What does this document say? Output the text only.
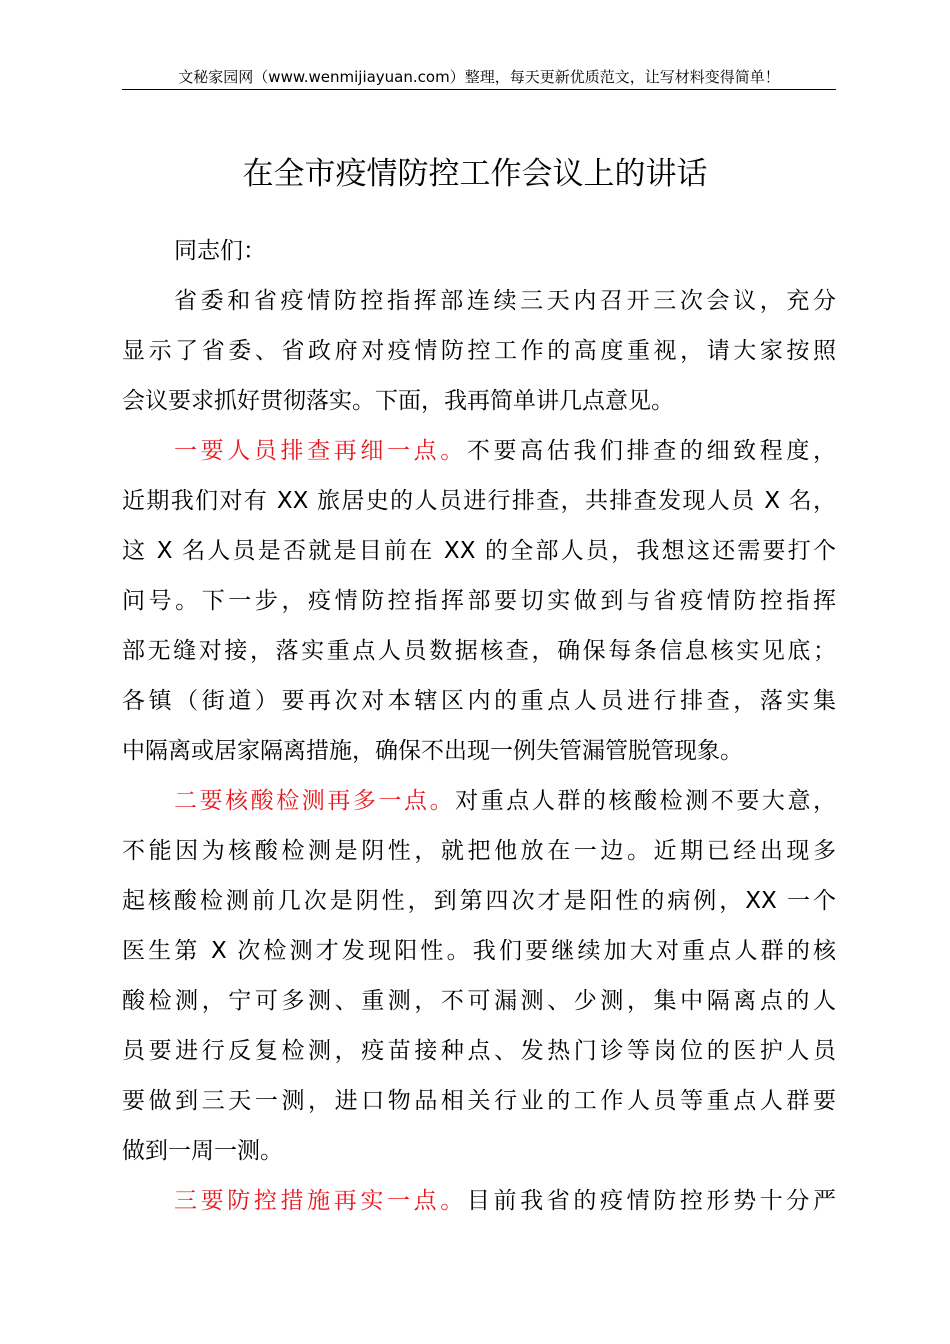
文秘家园网（www.wenmijiayuan.com）整理，每天更新优质范文，让写材料变得简单！
在全市疫情防控工作会议上的讲话
同志们：
省委和省疫情防控指挥部连续三天内召开三次会议，充分
显示了省委、省政府对疫情防控工作的高度重视，请大家按照
会议要求抓好贯彻落实。下面，我再简单讲几点意见。
一要人员排查再细一点。不要高估我们排查的细致程度，
近期我们对有 XX 旅居史的人员进行排查，共排查发现人员 X 名，
这 X 名人员是否就是目前在 XX 的全部人员，我想这还需要打个
问号。下一步，疫情防控指挥部要切实做到与省疫情防控指挥
部无缝对接，落实重点人员数据核查，确保每条信息核实见底；
各镇（街道）要再次对本辖区内的重点人员进行排查，落实集
中隔离或居家隔离措施，确保不出现一例失管漏管脱管现象。
二要核酸检测再多一点。对重点人群的核酸检测不要大意，
不能因为核酸检测是阴性，就把他放在一边。近期已经出现多
起核酸检测前几次是阴性，到第四次才是阳性的病例，XX 一个
医生第 X 次检测才发现阳性。我们要继续加大对重点人群的核
酸检测，宁可多测、重测，不可漏测、少测，集中隔离点的人
员要进行反复检测，疫苗接种点、发热门诊等岗位的医护人员
要做到三天一测，进口物品相关行业的工作人员等重点人群要
做到一周一测。
三要防控措施再实一点。目前我省的疫情防控形势十分严
